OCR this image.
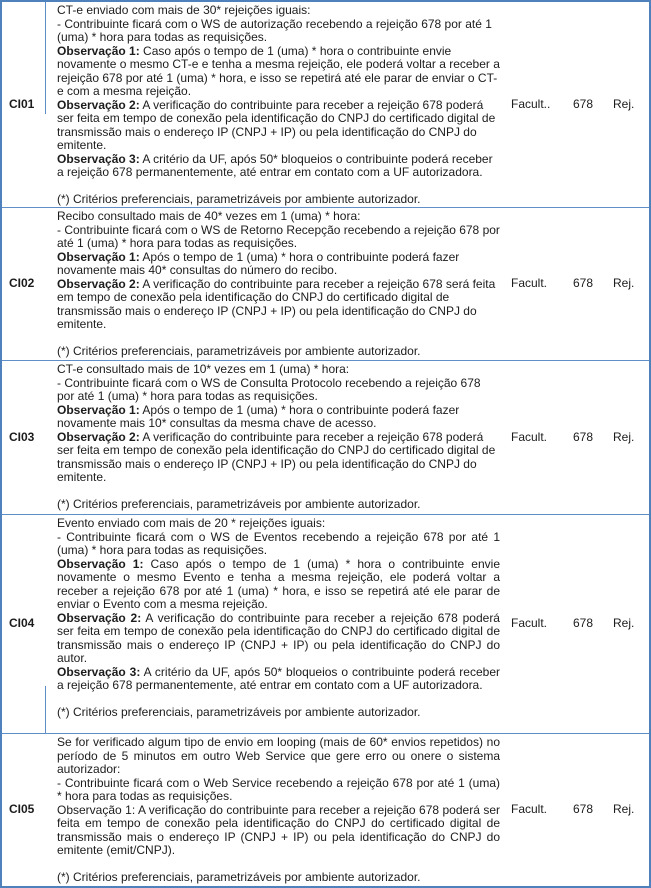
CI01
CT-e enviado com mais de 30* rejeições iguais:
- Contribuinte ficará com o WS de autorização recebendo a rejeição 678 por até 1 (uma) * hora para todas as requisições.
Observação 1: Caso após o tempo de 1 (uma) * hora o contribuinte envie novamente o mesmo CT-e e tenha a mesma rejeição, ele poderá voltar a receber a rejeição 678 por até 1 (uma) * hora, e isso se repetirá até ele parar de enviar o CT-e com a mesma rejeição.
Observação 2: A verificação do contribuinte para receber a rejeição 678 poderá ser feita em tempo de conexão pela identificação do CNPJ do certificado digital de transmissão mais o endereço IP (CNPJ + IP) ou pela identificação do CNPJ do emitente.
Observação 3: A critério da UF, após 50* bloqueios o contribuinte poderá receber a rejeição 678 permanentemente, até entrar em contato com a UF autorizadora.

(*) Critérios preferenciais, parametrizáveis por ambiente autorizador.
Facult..	678	Rej.
CI02
Recibo consultado mais de 40* vezes em 1 (uma) * hora:
- Contribuinte ficará com o WS de Retorno Recepção recebendo a rejeição 678 por até 1 (uma) * hora para todas as requisições.
Observação 1: Após o tempo de 1 (uma) * hora o contribuinte poderá fazer novamente mais 40* consultas do número do recibo.
Observação 2: A verificação do contribuinte para receber a rejeição 678 será feita em tempo de conexão pela identificação do CNPJ do certificado digital de transmissão mais o endereço IP (CNPJ + IP) ou pela identificação do CNPJ do emitente.

(*) Critérios preferenciais, parametrizáveis por ambiente autorizador.
Facult.	678	Rej.
CI03
CT-e consultado mais de 10* vezes em 1 (uma) * hora:
- Contribuinte ficará com o WS de Consulta Protocolo recebendo a rejeição 678 por até 1 (uma) * hora para todas as requisições.
Observação 1: Após o tempo de 1 (uma) * hora o contribuinte poderá fazer novamente mais 10* consultas da mesma chave de acesso.
Observação 2: A verificação do contribuinte para receber a rejeição 678 poderá ser feita em tempo de conexão pela identificação do CNPJ do certificado digital de transmissão mais o endereço IP (CNPJ + IP) ou pela identificação do CNPJ do emitente.

(*) Critérios preferenciais, parametrizáveis por ambiente autorizador.
Facult.	678	Rej.
CI04
Evento enviado com mais de 20 * rejeições iguais:
- Contribuinte ficará com o WS de Eventos recebendo a rejeição 678 por até 1 (uma) * hora para todas as requisições.
Observação 1: Caso após o tempo de 1 (uma) * hora o contribuinte envie novamente o mesmo Evento e tenha a mesma rejeição, ele poderá voltar a receber a rejeição 678 por até 1 (uma) * hora, e isso se repetirá até ele parar de enviar o Evento com a mesma rejeição.
Observação 2: A verificação do contribuinte para receber a rejeição 678 poderá ser feita em tempo de conexão pela identificação do CNPJ do certificado digital de transmissão mais o endereço IP (CNPJ + IP) ou pela identificação do CNPJ do autor.
Observação 3: A critério da UF, após 50* bloqueios o contribuinte poderá receber a rejeição 678 permanentemente, até entrar em contato com a UF autorizadora.

(*) Critérios preferenciais, parametrizáveis por ambiente autorizador.
Facult.	678	Rej.
CI05
Se for verificado algum tipo de envio em looping (mais de 60* envios repetidos) no período de 5 minutos em outro Web Service que gere erro ou onere o sistema autorizador:
- Contribuinte ficará com o Web Service recebendo a rejeição 678 por até 1 (uma) * hora para todas as requisições.
Observação 1: A verificação do contribuinte para receber a rejeição 678 poderá ser feita em tempo de conexão pela identificação do CNPJ do certificado digital de transmissão mais o endereço IP (CNPJ + IP) ou pela identificação do CNPJ do emitente (emit/CNPJ).

(*) Critérios preferenciais, parametrizáveis por ambiente autorizador.
Facult.	678	Rej.
